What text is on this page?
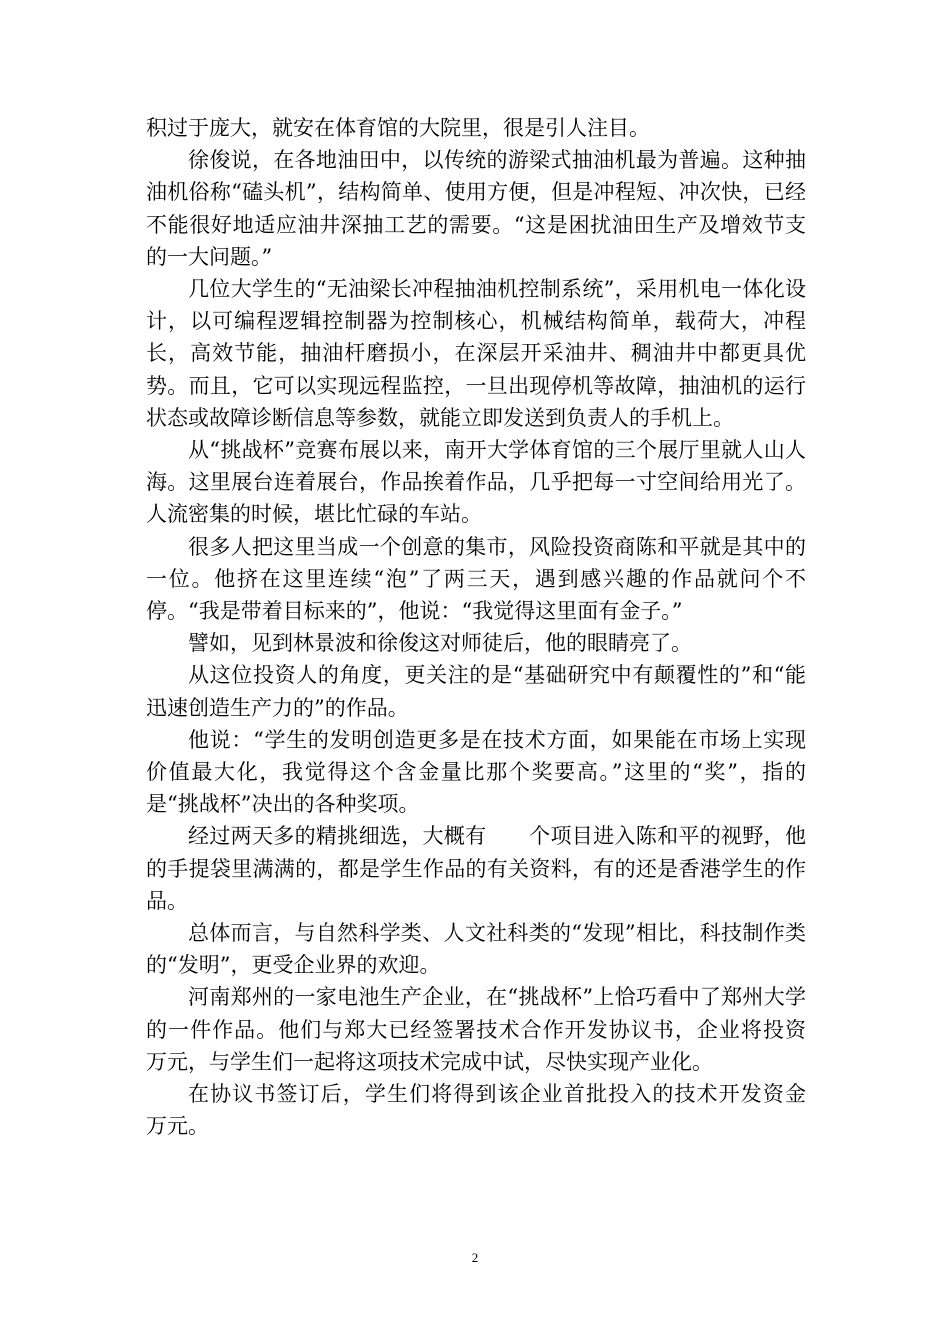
积过于庞大，就安在体育馆的大院里，很是引人注目。

徐俊说，在各地油田中，以传统的游梁式抽油机最为普遍。这种抽油机俗称“磕头机”，结构简单、使用方便，但是冲程短、冲次快，已经不能很好地适应油井深抽工艺的需要。“这是困扰油田生产及增效节支的一大问题。”

几位大学生的“无油梁长冲程抽油机控制系统”，采用机电一体化设计，以可编程逻辑控制器为控制核心，机械结构简单，载荷大，冲程长，高效节能，抽油杆磨损小，在深层开采油井、稠油井中都更具优势。而且，它可以实现远程监控，一旦出现停机等故障，抽油机的运行状态或故障诊断信息等参数，就能立即发送到负责人的手机上。

从“挑战杯”竞赛布展以来，南开大学体育馆的三个展厅里就人山人海。这里展台连着展台，作品挨着作品，几乎把每一寸空间给用光了。人流密集的时候，堪比忙碌的车站。

很多人把这里当成一个创意的集市，风险投资商陈和平就是其中的一位。他挤在这里连续“泡”了两三天，遇到感兴趣的作品就问个不停。“我是带着目标来的”，他说：“我觉得这里面有金子。”

譬如，见到林景波和徐俊这对师徒后，他的眼睛亮了。

从这位投资人的角度，更关注的是“基础研究中有颠覆性的”和“能迅速创造生产力的”的作品。

他说：“学生的发明创造更多是在技术方面，如果能在市场上实现价值最大化，我觉得这个含金量比那个奖要高。”这里的“奖”，指的是“挑战杯”决出的各种奖项。

经过两天多的精挑细选，大概有　　个项目进入陈和平的视野，他的手提袋里满满的，都是学生作品的有关资料，有的还是香港学生的作品。

总体而言，与自然科学类、人文社科类的“发现”相比，科技制作类的“发明”，更受企业界的欢迎。

河南郑州的一家电池生产企业，在“挑战杯”上恰巧看中了郑州大学的一件作品。他们与郑大已经签署技术合作开发协议书，企业将投资　　　万元，与学生们一起将这项技术完成中试，尽快实现产业化。

在协议书签订后，学生们将得到该企业首批投入的技术开发资金　万元。

2
